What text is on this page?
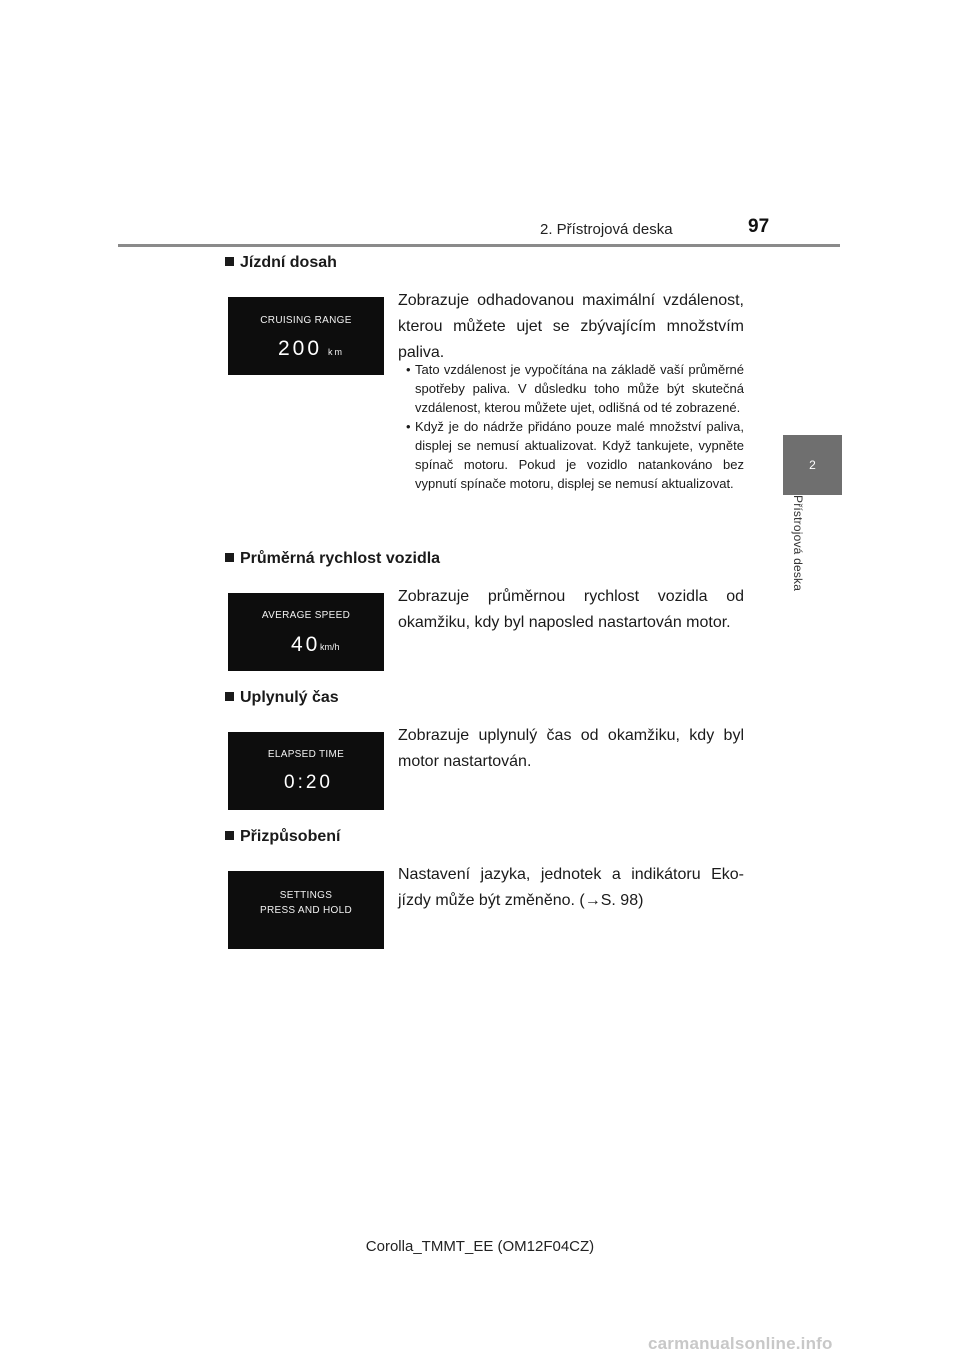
2. Přístrojová deska	97
2
Přístrojová deska
Jízdní dosah
CRUISING RANGE
200 km
Zobrazuje odhadovanou maximální vzdálenost, kterou můžete ujet se zbývajícím množstvím paliva.
• Tato vzdálenost je vypočítána na základě vaší průměrné spotřeby paliva. V důsledku toho může být skutečná vzdálenost, kterou můžete ujet, odlišná od té zobrazené.
• Když je do nádrže přidáno pouze malé množství paliva, displej se nemusí aktualizovat. Když tankujete, vypněte spínač motoru. Pokud je vozidlo natankováno bez vypnutí spínače motoru, displej se nemusí aktualizovat.
Průměrná rychlost vozidla
AVERAGE SPEED
40 km/h
Zobrazuje průměrnou rychlost vozidla od okamžiku, kdy byl naposled nastartován motor.
Uplynulý čas
ELAPSED TIME
0:20
Zobrazuje uplynulý čas od okamžiku, kdy byl motor nastartován.
Přizpůsobení
SETTINGS
PRESS AND HOLD
Nastavení jazyka, jednotek a indikátoru Eko-jízdy může být změněno. (→S. 98)
Corolla_TMMT_EE (OM12F04CZ)
carmanualsonline.info
